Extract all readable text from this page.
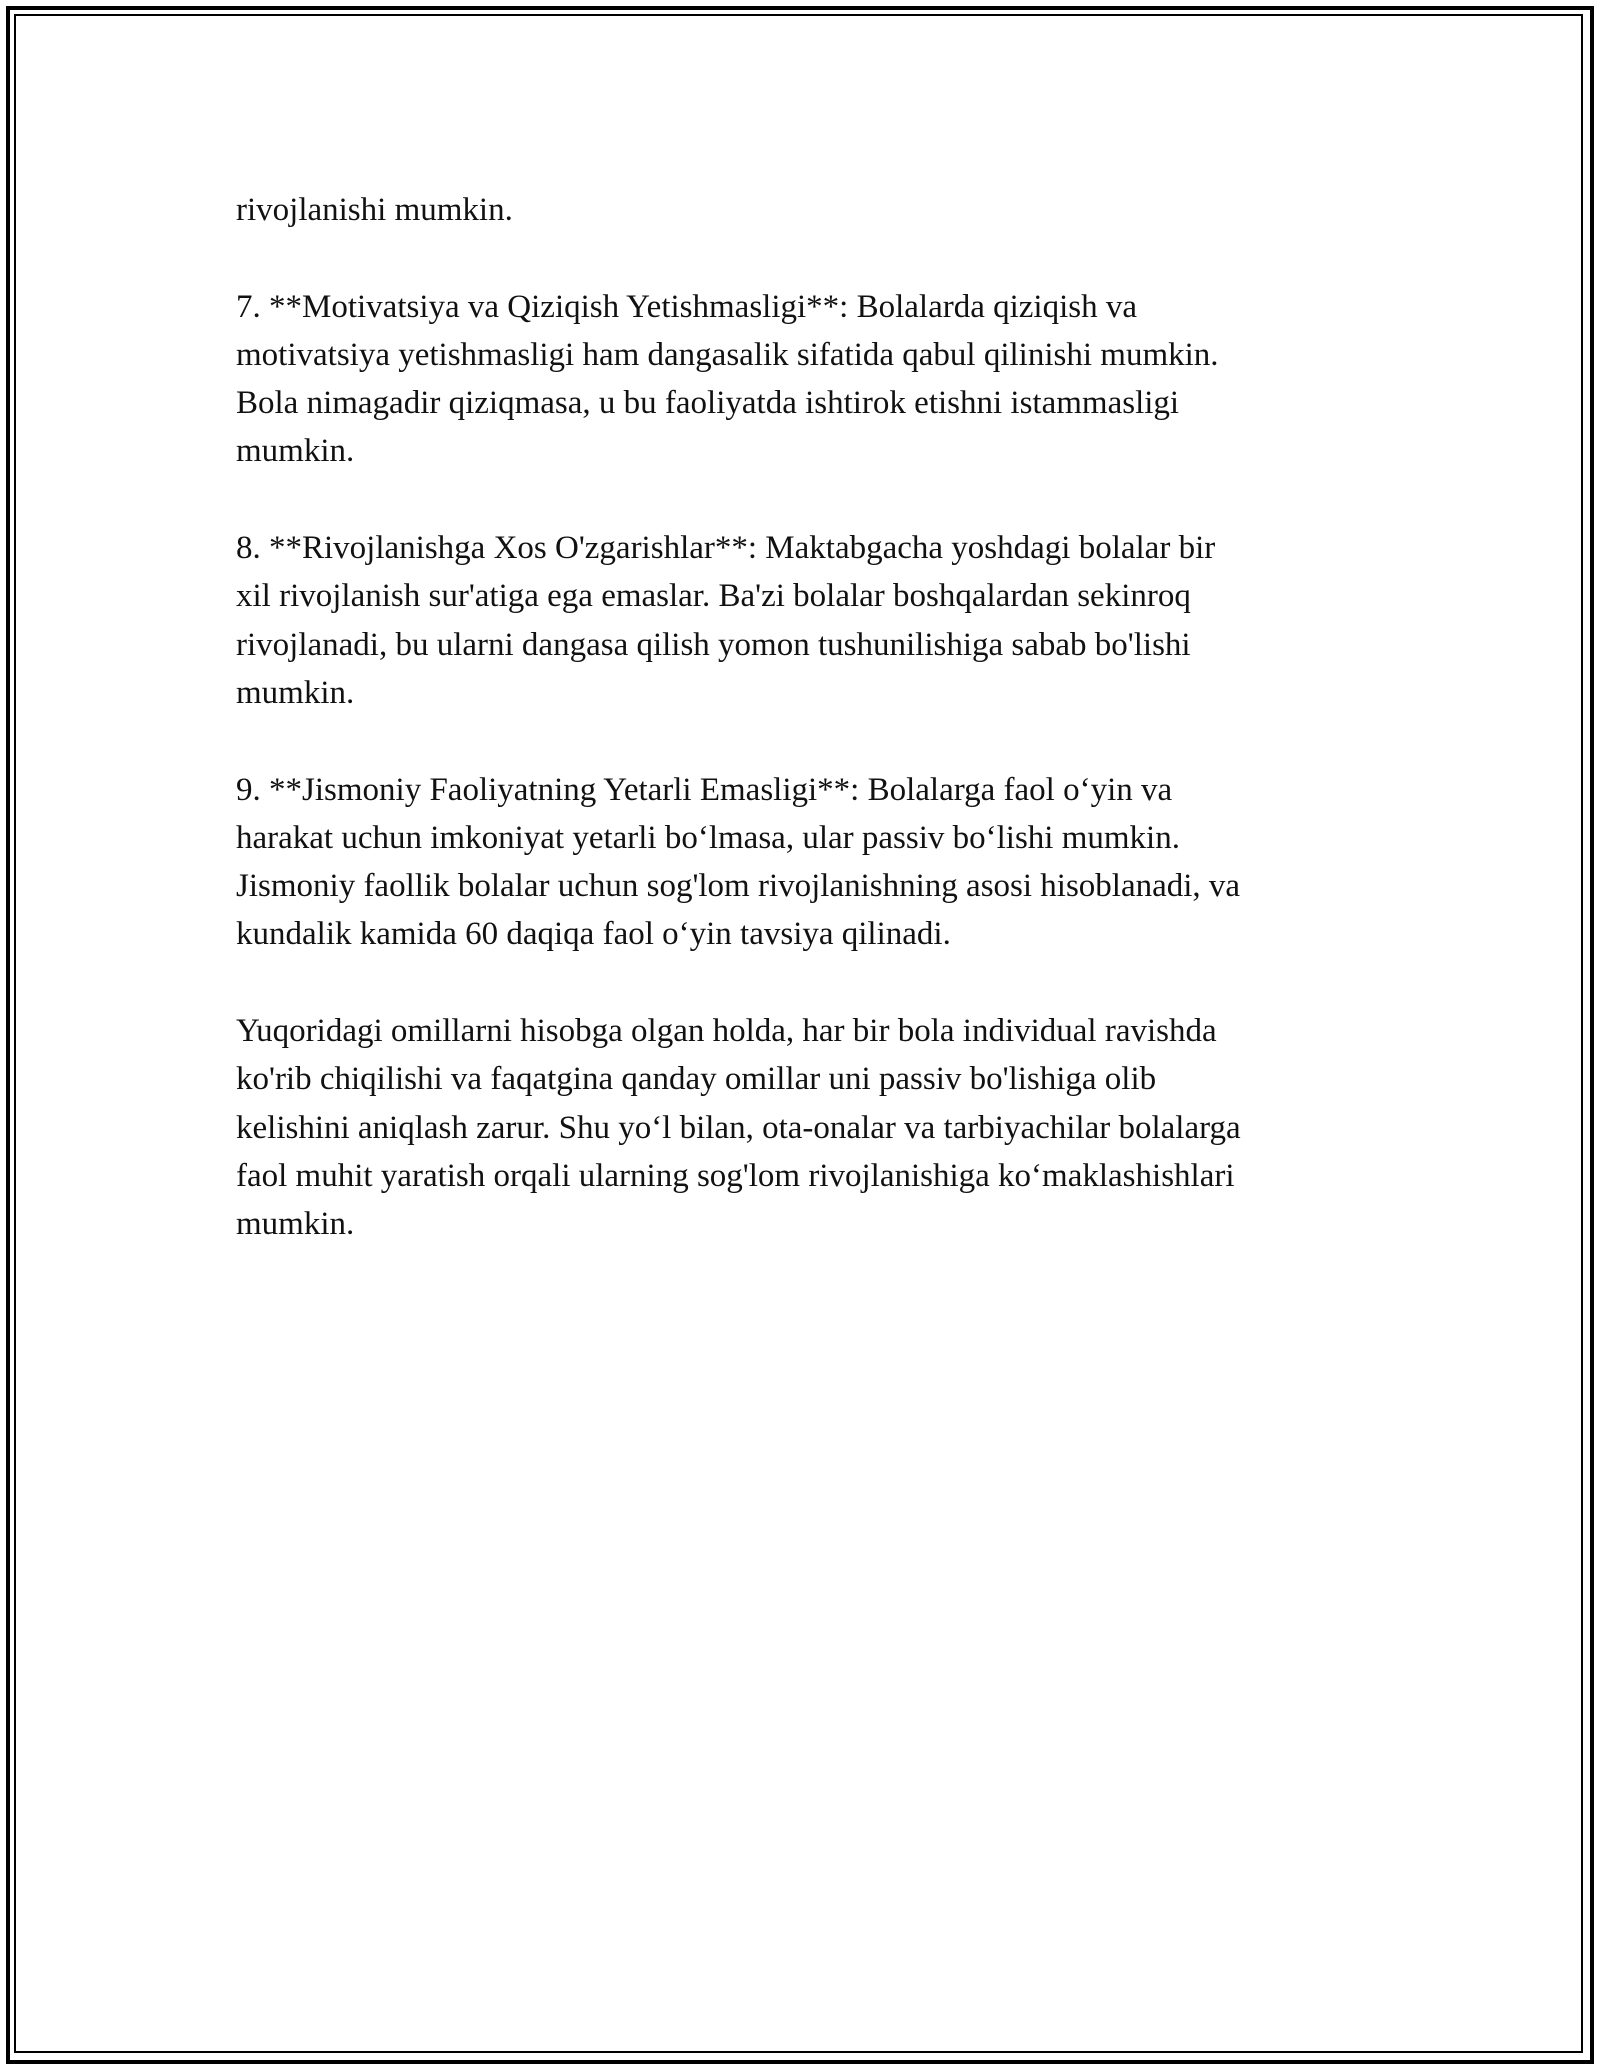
rivojlanishi mumkin.

7. **Motivatsiya va Qiziqish Yetishmasligi**: Bolalarda qiziqish va
motivatsiya yetishmasligi ham dangasalik sifatida qabul qilinishi mumkin.
Bola nimagadir qiziqmasa, u bu faoliyatda ishtirok etishni istammasligi
mumkin.

8. **Rivojlanishga Xos O'zgarishlar**: Maktabgacha yoshdagi bolalar bir
xil rivojlanish sur'atiga ega emaslar. Ba'zi bolalar boshqalardan sekinroq
rivojlanadi, bu ularni dangasa qilish yomon tushunilishiga sabab bo'lishi
mumkin.

9. **Jismoniy Faoliyatning Yetarli Emasligi**: Bolalarga faol o‘yin va
harakat uchun imkoniyat yetarli bo‘lmasa, ular passiv bo‘lishi mumkin.
Jismoniy faollik bolalar uchun sog'lom rivojlanishning asosi hisoblanadi, va
kundalik kamida 60 daqiqa faol o‘yin tavsiya qilinadi.

Yuqoridagi omillarni hisobga olgan holda, har bir bola individual ravishda
ko'rib chiqilishi va faqatgina qanday omillar uni passiv bo'lishiga olib
kelishini aniqlash zarur. Shu yo‘l bilan, ota-onalar va tarbiyachilar bolalarga
faol muhit yaratish orqali ularning sog'lom rivojlanishiga ko‘maklashishlari
mumkin.
